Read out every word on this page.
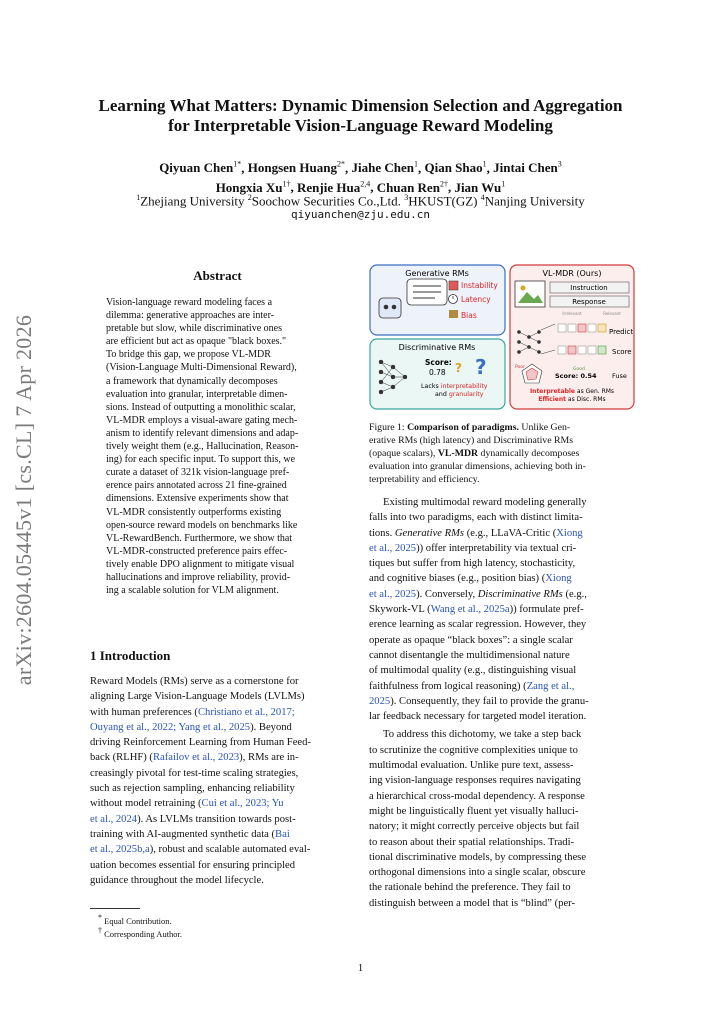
arXiv:2604.05445v1 [cs.CL] 7 Apr 2026
Learning What Matters: Dynamic Dimension Selection and Aggregation
for Interpretable Vision-Language Reward Modeling
Qiyuan Chen$^{1*}$, Hongsen Huang$^{2*}$, Jiahe Chen$^1$, Qian Shao$^1$, Jintai Chen$^3$
Hongxia $Xu^{1\dagger}$, Renjie Hua$^{2,4}$, Chuan Ren$^{2\dagger}$, Jian Wu$^1$
$^1$Zhejiang University $^2$Soochow Securities Co.,Ltd. $^3$HKUST(GZ) $^4$Nanjing University
qiyuanchen@zju.edu.cn
Abstract
Vision-language reward modeling faces a
dilemma: generative approaches are inter-
pretable but slow, while discriminative ones
are efficient but act as opaque "black boxes."
To bridge this gap, we propose VL-MDR
(Vision-Language Multi-Dimensional Reward),
a framework that dynamically decomposes
evaluation into granular, interpretable dimen-
sions. Instead of outputting a monolithic scalar,
VL-MDR employs a visual-aware gating mech-
anism to identify relevant dimensions and adap-
tively weight them (e.g., Hallucination, Reason-
ing) for each specific input. To support this, we
curate a dataset of 321k vision-language pref-
erence pairs annotated across 21 fine-grained
dimensions. Extensive experiments show that
VL-MDR consistently outperforms existing
open-source reward models on benchmarks like
VL-RewardBench. Furthermore, we show that
VL-MDR-constructed preference pairs effec-
tively enable DPO alignment to mitigate visual
hallucinations and improve reliability, provid-
ing a scalable solution for VLM alignment.
1 Introduction
Reward Models (RMs) serve as a cornerstone for
aligning Large Vision-Language Models (LVLMs)
with human preferences (Christiano et al., 2017;
Ouyang et al., 2022; Yang et al., 2025). Beyond
driving Reinforcement Learning from Human Feed-
back (RLHF) (Rafailov et al., 2023), RMs are in-
creasingly pivotal for test-time scaling strategies,
such as rejection sampling, enhancing reliability
without model retraining (Cui et al., 2023; Yu
et al., 2024). As LVLMs transition towards post-
training with AI-augmented synthetic data (Bai
et al., 2025b,a), robust and scalable automated eval-
uation becomes essential for ensuring principled
guidance throughout the model lifecycle.
* Equal Contribution.
† Corresponding Author.
Generative RMs
Instability
Latency
Bias
Discriminative RMs
Score:
0.78 ?
?
Lacks interpretability
and granularity
VL-MDR (Ours)
Instruction
Response
Irrelevant	Relevant
Predict
Score
Poor	Good
Score: 0.54 Fuse
Interpretable as Gen. RMs
Efficient as Disc. RMs
Figure 1: Comparison of paradigms. Unlike Gen-
erative RMs (high latency) and Discriminative RMs
(opaque scalars), VL-MDR dynamically decomposes
evaluation into granular dimensions, achieving both in-
terpretability and efficiency.
Existing multimodal reward modeling generally
falls into two paradigms, each with distinct limita-
tions. Generative RMs (e.g., LLaVA-Critic (Xiong
et al., 2025)) offer interpretability via textual cri-
tiques but suffer from high latency, stochasticity,
and cognitive biases (e.g., position bias) (Xiong
et al., 2025). Conversely, Discriminative RMs (e.g.,
Skywork-VL (Wang et al., 2025a)) formulate pref-
erence learning as scalar regression. However, they
operate as opaque “black boxes”: a single scalar
cannot disentangle the multidimensional nature
of multimodal quality (e.g., distinguishing visual
faithfulness from logical reasoning) (Zang et al.,
2025). Consequently, they fail to provide the granu-
lar feedback necessary for targeted model iteration.
To address this dichotomy, we take a step back
to scrutinize the cognitive complexities unique to
multimodal evaluation. Unlike pure text, assess-
ing vision-language responses requires navigating
a hierarchical cross-modal dependency. A response
might be linguistically fluent yet visually halluci-
natory; it might correctly perceive objects but fail
to reason about their spatial relationships. Tradi-
tional discriminative models, by compressing these
orthogonal dimensions into a single scalar, obscure
the rationale behind the preference. They fail to
distinguish between a model that is “blind” (per-
1
